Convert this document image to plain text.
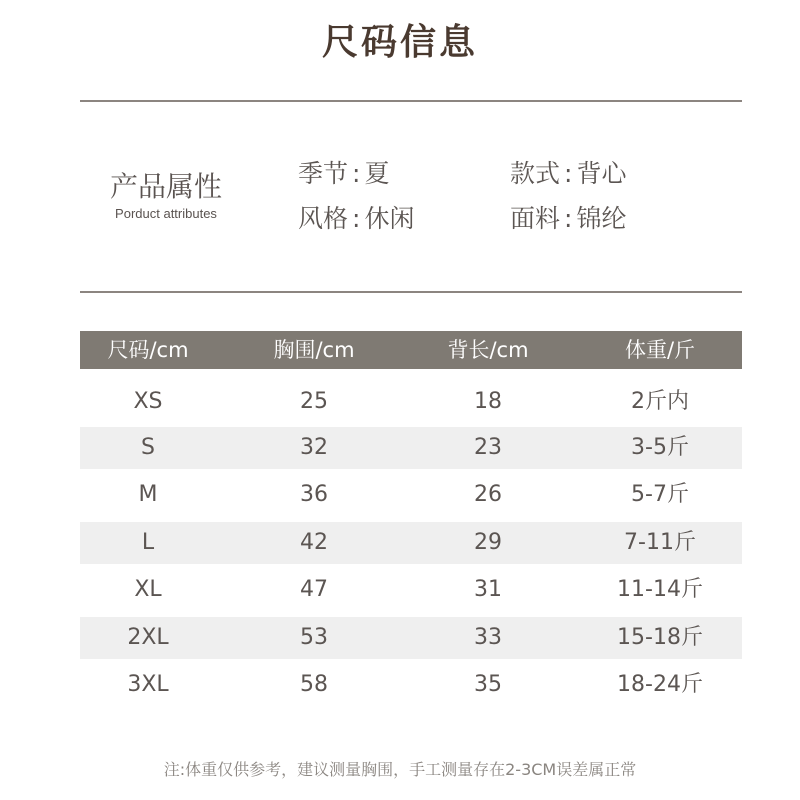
尺码信息
产品属性
Porduct attributes
季节 : 夏	款式 : 背心
风格 : 休闲	面料 : 锦纶
尺码/cm	胸围/cm	背长/cm	体重/斤
XS	25	18	2斤内
S	32	23	3-5斤
M	36	26	5-7斤
L	42	29	7-11斤
XL	47	31	11-14斤
2XL	53	33	15-18斤
3XL	58	35	18-24斤
注:体重仅供参考，建议测量胸围，手工测量存在2-3CM误差属正常
